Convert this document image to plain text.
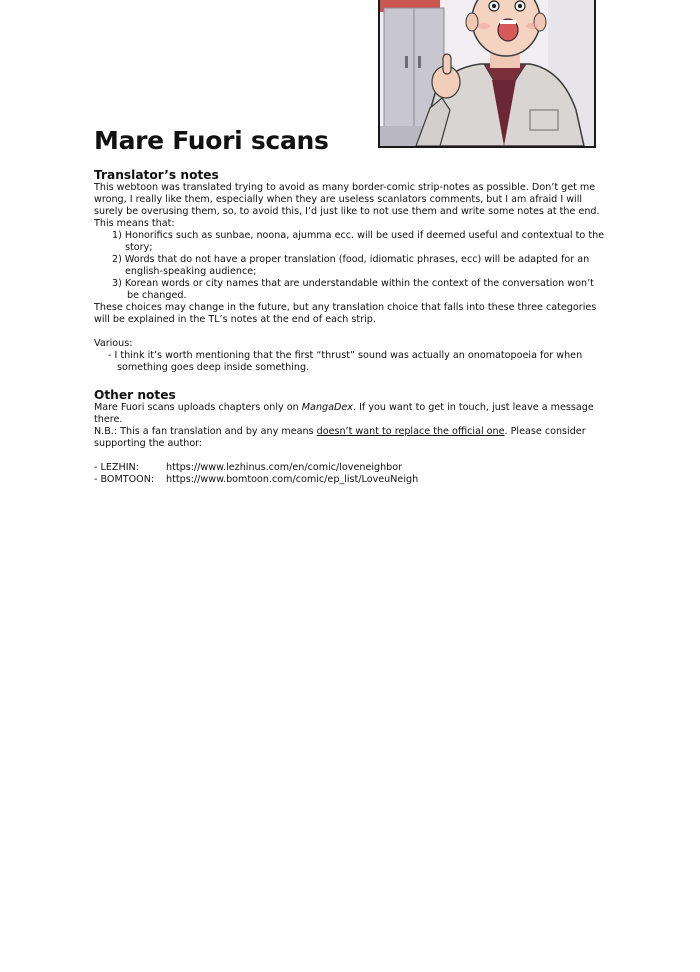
Mare Fuori scans

Translator’s notes

This webtoon was translated trying to avoid as many border-comic strip-notes as possible. Don’t get me wrong, I really like them, especially when they are useless scanlators comments, but I am afraid I will surely be overusing them, so, to avoid this, I’d just like to not use them and write some notes at the end.

This means that:

1) Honorifics such as sunbae, noona, ajumma ecc. will be used if deemed useful and contextual to the story;

2) Words that do not have a proper translation (food, idiomatic phrases, ecc) will be adapted for an english-speaking audience;

3) Korean words or city names that are understandable within the context of the conversation won’t be changed.

These choices may change in the future, but any translation choice that falls into these three categories will be explained in the TL’s notes at the end of each strip.

Various:

- I think it’s worth mentioning that the first “thrust” sound was actually an onomatopoeia for when something goes deep inside something.

Other notes

Mare Fuori scans uploads chapters only on MangaDex. If you want to get in touch, just leave a message there.

N.B.: This a fan translation and by any means doesn’t want to replace the official one. Please consider supporting the author:

- LEZHIN:	https://www.lezhinus.com/en/comic/loveneighbor
- BOMTOON:	https://www.bomtoon.com/comic/ep_list/LoveuNeigh
